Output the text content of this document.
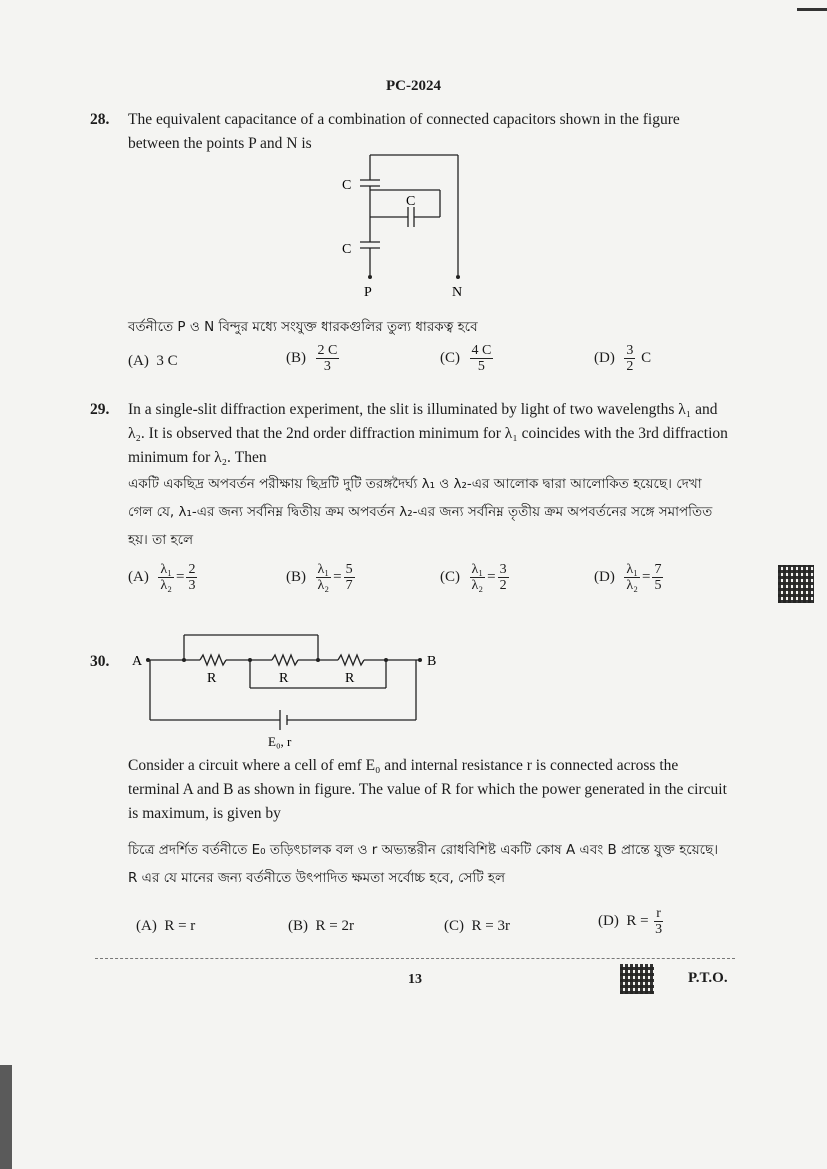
PC-2024
28. The equivalent capacitance of a combination of connected capacitors shown in the figure between the points P and N is
C
C
C
P	N
বর্তনীতে P ও N বিন্দুর মধ্যে সংযুক্ত ধারকগুলির তুল্য ধারকত্ব হবে
(A) 3 C	$(B) \frac{2 C}{3}$	$(C) \frac{4 C}{5}$	$(D) \frac{3}{2}$ C
29. In a single-slit diffraction experiment, the slit is illuminated by light of two wavelengths λ₁ and λ₂. It is observed that the 2nd order diffraction minimum for λ₁ coincides with the 3rd diffraction minimum for λ₂. Then
একটি একছিদ্র অপবর্তন পরীক্ষায় ছিদ্রটি দুটি তরঙ্গদৈর্ঘ্য λ₁ ও λ₂-এর আলোক দ্বারা আলোকিত হয়েছে। দেখা গেল যে, λ₁-এর জন্য সর্বনিম্ন দ্বিতীয় ক্রম অপবর্তন λ₂-এর জন্য সর্বনিম্ন তৃতীয় ক্রম অপবর্তনের সঙ্গে সমাপতিত হয়। তা হলে
$(A) \frac{\text{λ₁}}{\text{λ₂}} = \frac{2}{3}$	$(B) \frac{\text{λ₁}}{\text{λ₂}} = \frac{5}{7}$	$(C) \frac{\text{λ₁}}{\text{λ₂}} = \frac{3}{2}$	$(D) \frac{\text{λ₁}}{\text{λ₂}} = \frac{7}{5}$
30. A	B
R	R	R
E₀, r
Consider a circuit where a cell of emf E₀ and internal resistance r is connected across the terminal A and B as shown in figure. The value of R for which the power generated in the circuit is maximum, is given by
চিত্রে প্রদর্শিত বর্তনীতে E₀ তড়িৎচালক বল ও r অভ্যন্তরীন রোধবিশিষ্ট একটি কোষ A এবং B প্রান্তে যুক্ত হয়েছে। R এর যে মানের জন্য বর্তনীতে উৎপাদিত ক্ষমতা সর্বোচ্চ হবে, সেটি হল
(A) R = r	(B) R = 2r	(C) R = 3r	(D) $R = \frac{r}{3}$
13	P.T.O.
